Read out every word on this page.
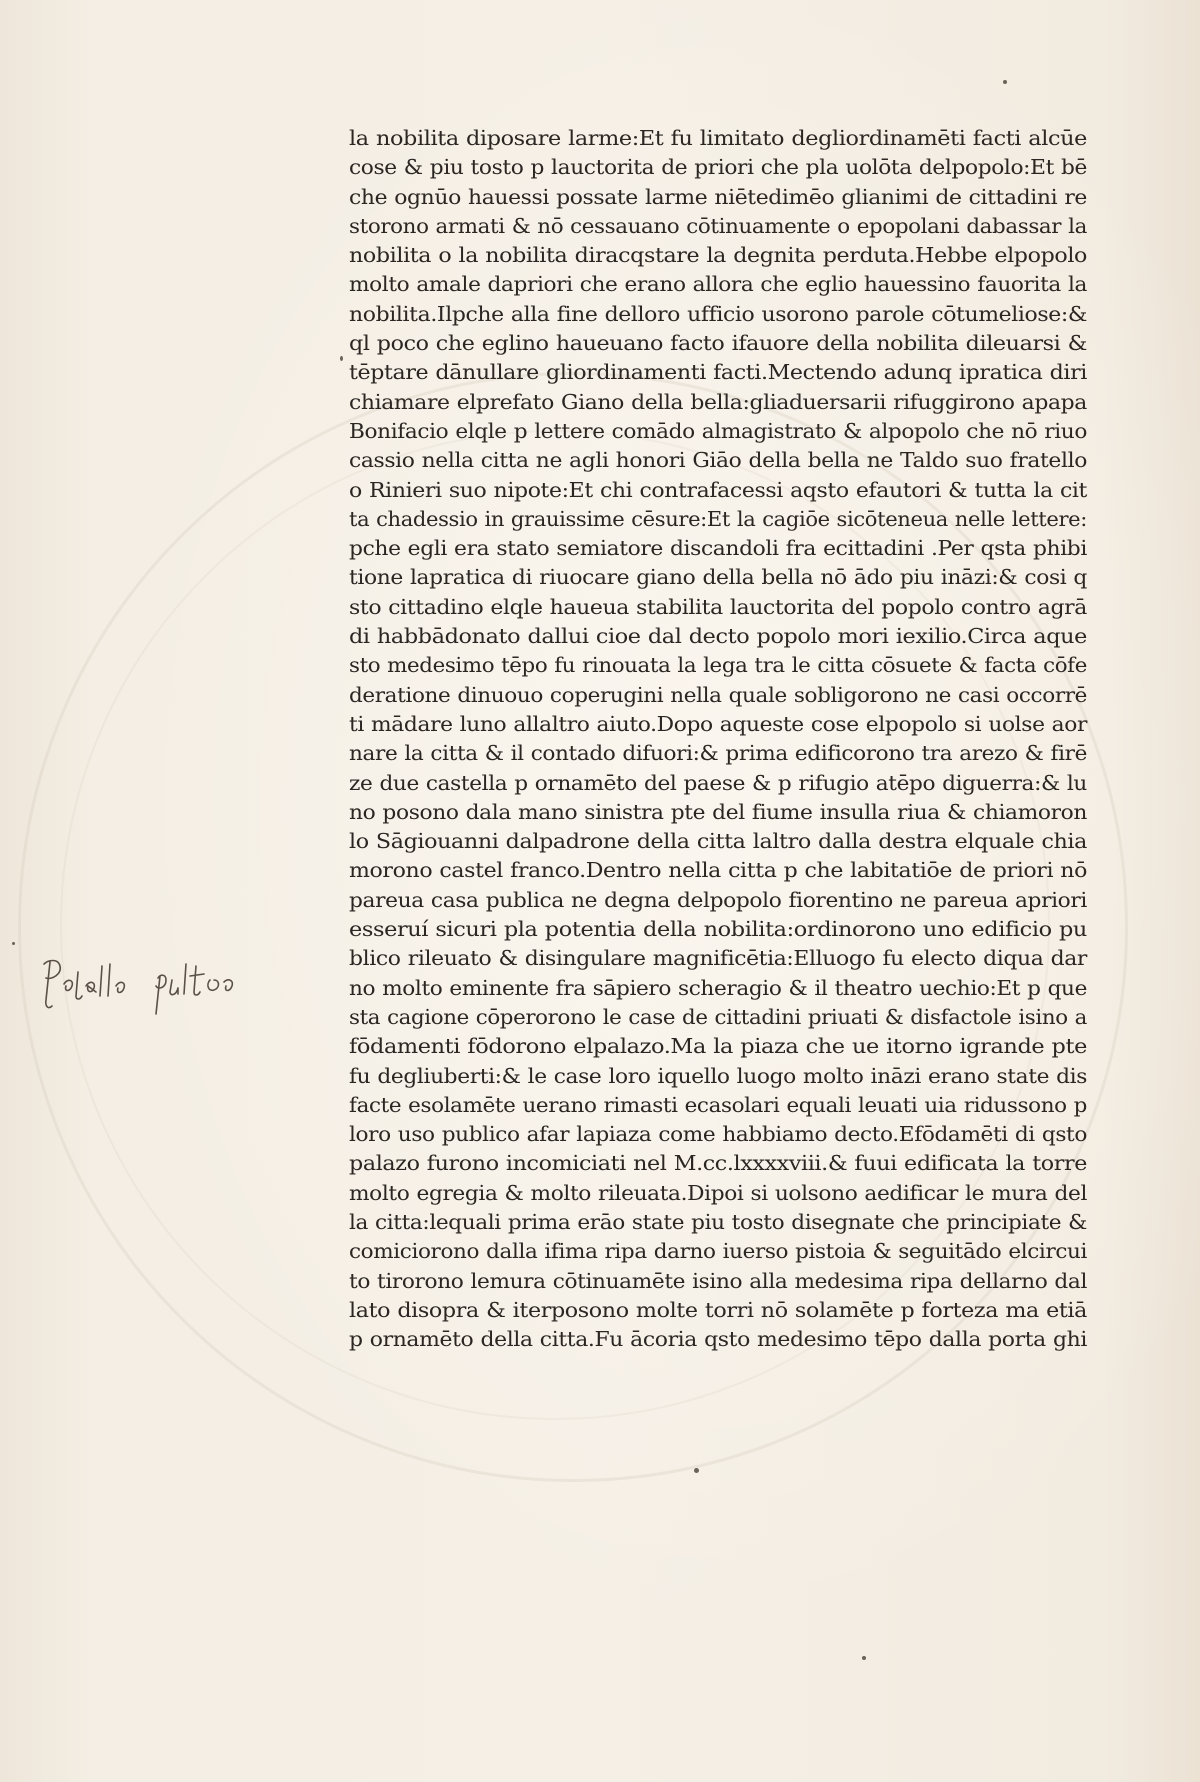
la nobilita diposare larme:Et fu limitato degliordinamēti facti alcūe
cose & piu tosto p lauctorita de priori che pla uolōta delpopolo:Et bē
che ognūo hauessi possate larme niētedimēo glianimi de cittadini re
storono armati & nō cessauano cōtinuamente o epopolani dabassar la
nobilita o la nobilita diracqstare la degnita perduta.Hebbe elpopolo
molto amale dapriori che erano allora che eglio hauessino fauorita la
nobilita.Ilpche alla fine delloro ufficio usorono parole cōtumeliose:&
ql poco che eglino haueuano facto ifauore della nobilita dileuarsi &
tēptare dānullare gliordinamenti facti.Mectendo adunq ipratica diri
chiamare elprefato Giano della bella:gliaduersarii rifuggirono apapa
Bonifacio elqle p lettere comādo almagistrato & alpopolo che nō riuo
cassio nella citta ne agli honori Giāo della bella ne Taldo suo fratello
o Rinieri suo nipote:Et chi contrafacessi aqsto efautori & tutta la cit
ta chadessio in grauissime cēsure:Et la cagiōe sicōteneua nelle lettere:
pche egli era stato semiatore discandoli fra ecittadini .Per qsta phibi
tione lapratica di riuocare giano della bella nō ādo piu ināzi:& cosi q
sto cittadino elqle haueua stabilita lauctorita del popolo contro agrā
di habbādonato dallui cioe dal decto popolo mori iexilio.Circa aque
sto medesimo tēpo fu rinouata la lega tra le citta cōsuete & facta cōfe
deratione dinuouo coperugini nella quale sobligorono ne casi occorrē
ti mādare luno allaltro aiuto.Dopo aqueste cose elpopolo si uolse aor
nare la citta & il contado difuori:& prima edificorono tra arezo & firē
ze due castella p ornamēto del paese & p rifugio atēpo diguerra:& lu
no posono dala mano sinistra pte del fiume insulla riua & chiamoron
lo Sāgiouanni dalpadrone della citta laltro dalla destra elquale chia
morono castel franco.Dentro nella citta p che labitatiōe de priori nō
pareua casa publica ne degna delpopolo fiorentino ne pareua apriori
esseruí sicuri pla potentia della nobilita:ordinorono uno edificio pu
blico rileuato & disingulare magnificētia:Elluogo fu electo diqua dar
no molto eminente fra sāpiero scheragio & il theatro uechio:Et p que
sta cagione cōperorono le case de cittadini priuati & disfactole isino a
fōdamenti fōdorono elpalazo.Ma la piaza che ue itorno igrande pte
fu degliuberti:& le case loro iquello luogo molto ināzi erano state dis
facte esolamēte uerano rimasti ecasolari equali leuati uia ridussono p
loro uso publico afar lapiaza come habbiamo decto.Efōdamēti di qsto
palazo furono incomiciati nel M.cc.lxxxxviii.& fuui edificata la torre
molto egregia & molto rileuata.Dipoi si uolsono aedificar le mura del
la citta:lequali prima erāo state piu tosto disegnate che principiate &
comiciorono dalla ifima ripa darno iuerso pistoia & seguitādo elcircui
to tirorono lemura cōtinuamēte isino alla medesima ripa dellarno dal
lato disopra & iterposono molte torri nō solamēte p forteza ma etiā
p ornamēto della citta.Fu ācoria qsto medesimo tēpo dalla porta ghi
